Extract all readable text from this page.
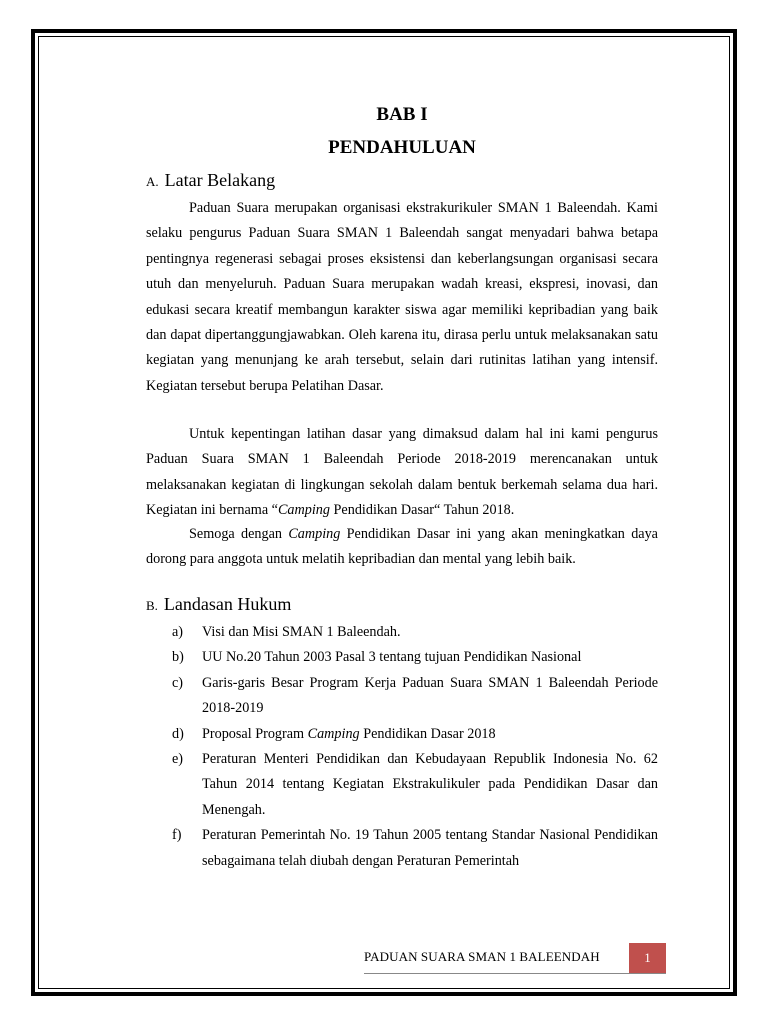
BAB I
PENDAHULUAN
A. Latar Belakang

Paduan Suara merupakan organisasi ekstrakurikuler SMAN 1 Baleendah. Kami selaku pengurus Paduan Suara SMAN 1 Baleendah sangat menyadari bahwa betapa pentingnya regenerasi sebagai proses eksistensi dan keberlangsungan organisasi secara utuh dan menyeluruh. Paduan Suara merupakan wadah kreasi, ekspresi, inovasi, dan edukasi secara kreatif membangun karakter siswa agar memiliki kepribadian yang baik dan dapat dipertanggungjawabkan. Oleh karena itu, dirasa perlu untuk melaksanakan satu kegiatan yang menunjang ke arah tersebut, selain dari rutinitas latihan yang intensif. Kegiatan tersebut berupa Pelatihan Dasar.

Untuk kepentingan latihan dasar yang dimaksud dalam hal ini kami pengurus Paduan Suara SMAN 1 Baleendah Periode 2018-2019 merencanakan untuk melaksanakan kegiatan di lingkungan sekolah dalam bentuk berkemah selama dua hari. Kegiatan ini bernama “Camping Pendidikan Dasar“ Tahun 2018.

Semoga dengan Camping Pendidikan Dasar ini yang akan meningkatkan daya dorong para anggota untuk melatih kepribadian dan mental yang lebih baik.

B. Landasan Hukum
a) Visi dan Misi SMAN 1 Baleendah.
b) UU No.20 Tahun 2003 Pasal 3 tentang tujuan Pendidikan Nasional
c) Garis-garis Besar Program Kerja Paduan Suara SMAN 1 Baleendah Periode 2018-2019
d) Proposal Program Camping Pendidikan Dasar 2018
e) Peraturan Menteri Pendidikan dan Kebudayaan Republik Indonesia No. 62 Tahun 2014 tentang Kegiatan Ekstrakulikuler pada Pendidikan Dasar dan Menengah.
f) Peraturan Pemerintah No. 19 Tahun 2005 tentang Standar Nasional Pendidikan sebagaimana telah diubah dengan Peraturan Pemerintah
PADUAN SUARA SMAN 1 BALEENDAH	1
